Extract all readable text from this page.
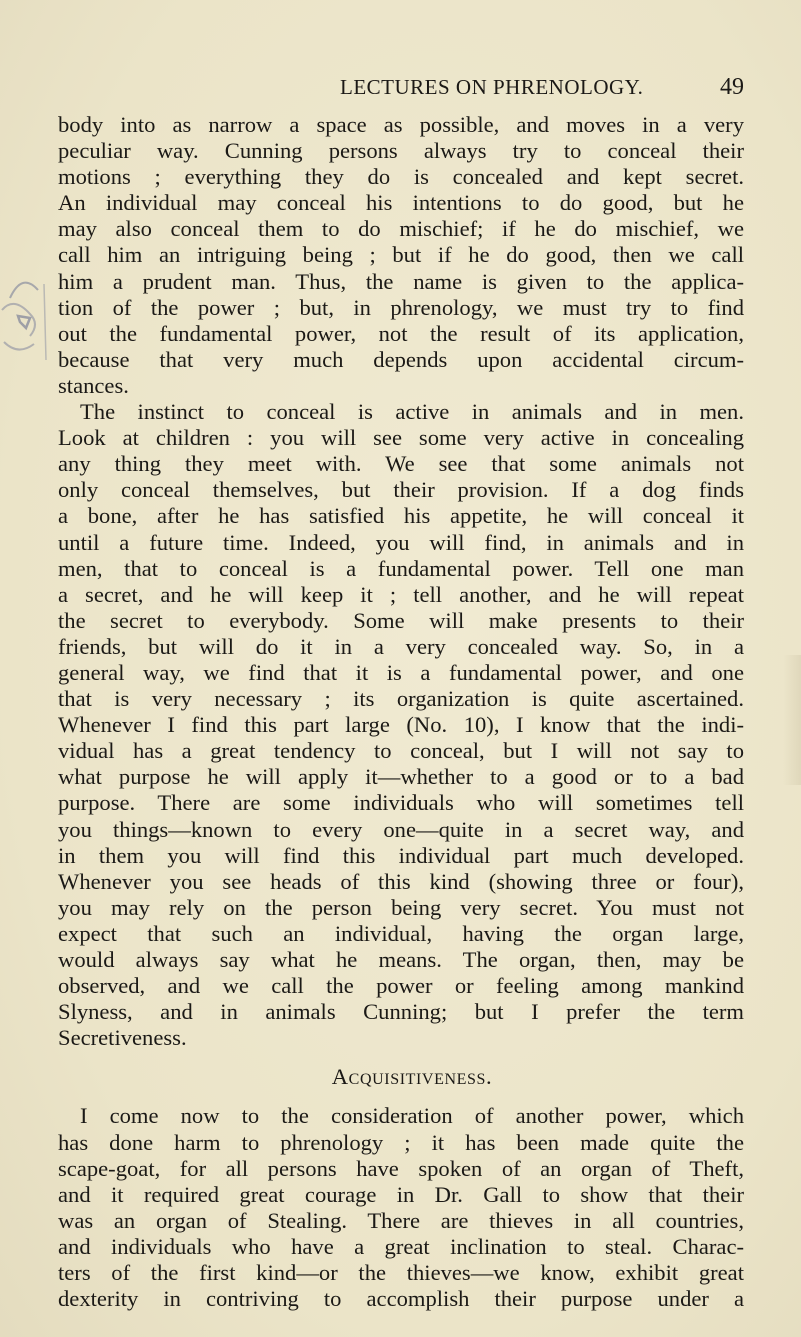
LECTURES ON PHRENOLOGY.	49
body into as narrow a space as possible, and moves in a very
peculiar way. Cunning persons always try to conceal their
motions ; everything they do is concealed and kept secret.
An individual may conceal his intentions to do good, but he
may also conceal them to do mischief; if he do mischief, we
call him an intriguing being ; but if he do good, then we call
him a prudent man. Thus, the name is given to the applica-
tion of the power ; but, in phrenology, we must try to find
out the fundamental power, not the result of its application,
because that very much depends upon accidental circum-
stances.
The instinct to conceal is active in animals and in men.
Look at children : you will see some very active in concealing
any thing they meet with. We see that some animals not
only conceal themselves, but their provision. If a dog finds
a bone, after he has satisfied his appetite, he will conceal it
until a future time. Indeed, you will find, in animals and in
men, that to conceal is a fundamental power. Tell one man
a secret, and he will keep it ; tell another, and he will repeat
the secret to everybody. Some will make presents to their
friends, but will do it in a very concealed way. So, in a
general way, we find that it is a fundamental power, and one
that is very necessary ; its organization is quite ascertained.
Whenever I find this part large (No. 10), I know that the indi-
vidual has a great tendency to conceal, but I will not say to
what purpose he will apply it—whether to a good or to a bad
purpose. There are some individuals who will sometimes tell
you things—known to every one—quite in a secret way, and
in them you will find this individual part much developed.
Whenever you see heads of this kind (showing three or four),
you may rely on the person being very secret. You must not
expect that such an individual, having the organ large,
would always say what he means. The organ, then, may be
observed, and we call the power or feeling among mankind
Slyness, and in animals Cunning; but I prefer the term
Secretiveness.
Acquisitiveness.
I come now to the consideration of another power, which
has done harm to phrenology ; it has been made quite the
scape-goat, for all persons have spoken of an organ of Theft,
and it required great courage in Dr. Gall to show that their
was an organ of Stealing. There are thieves in all countries,
and individuals who have a great inclination to steal. Charac-
ters of the first kind—or the thieves—we know, exhibit great
dexterity in contriving to accomplish their purpose under a
